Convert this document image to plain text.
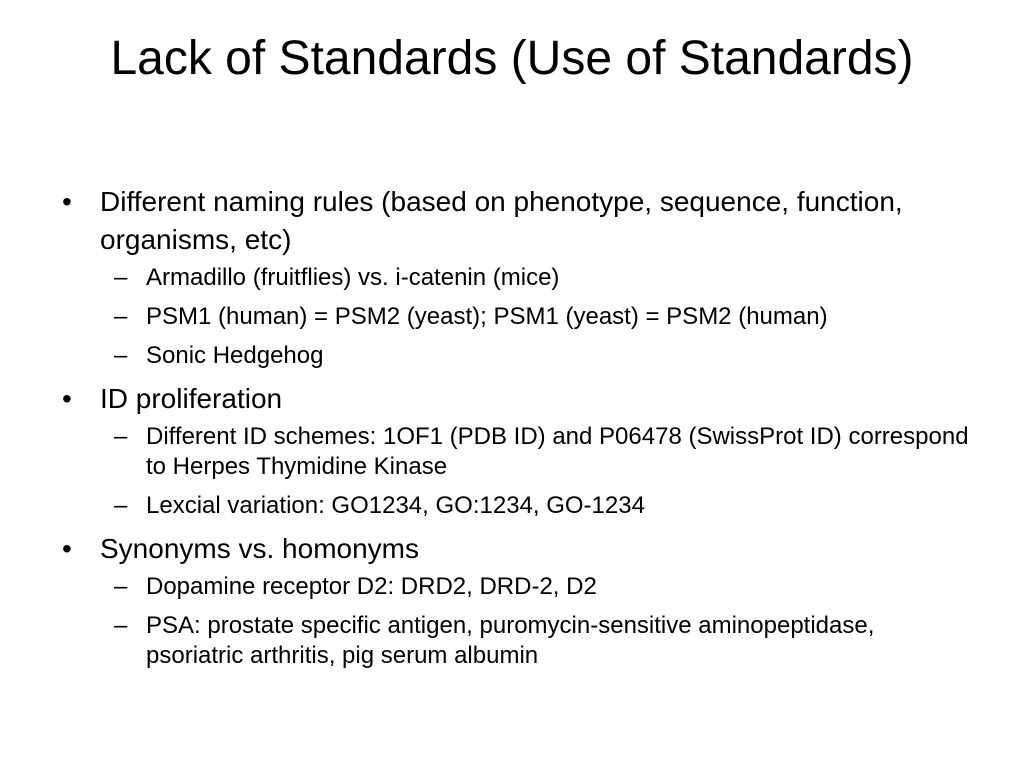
Lack of Standards (Use of Standards)
• Different naming rules (based on phenotype, sequence, function, organisms, etc)
– Armadillo (fruitflies) vs. i-catenin (mice)
– PSM1 (human) = PSM2 (yeast); PSM1 (yeast) = PSM2 (human)
– Sonic Hedgehog
• ID proliferation
– Different ID schemes: 1OF1 (PDB ID) and P06478 (SwissProt ID) correspond to Herpes Thymidine Kinase
– Lexcial variation: GO1234, GO:1234, GO-1234
• Synonyms vs. homonyms
– Dopamine receptor D2: DRD2, DRD-2, D2
– PSA: prostate specific antigen, puromycin-sensitive aminopeptidase, psoriatric arthritis, pig serum albumin
